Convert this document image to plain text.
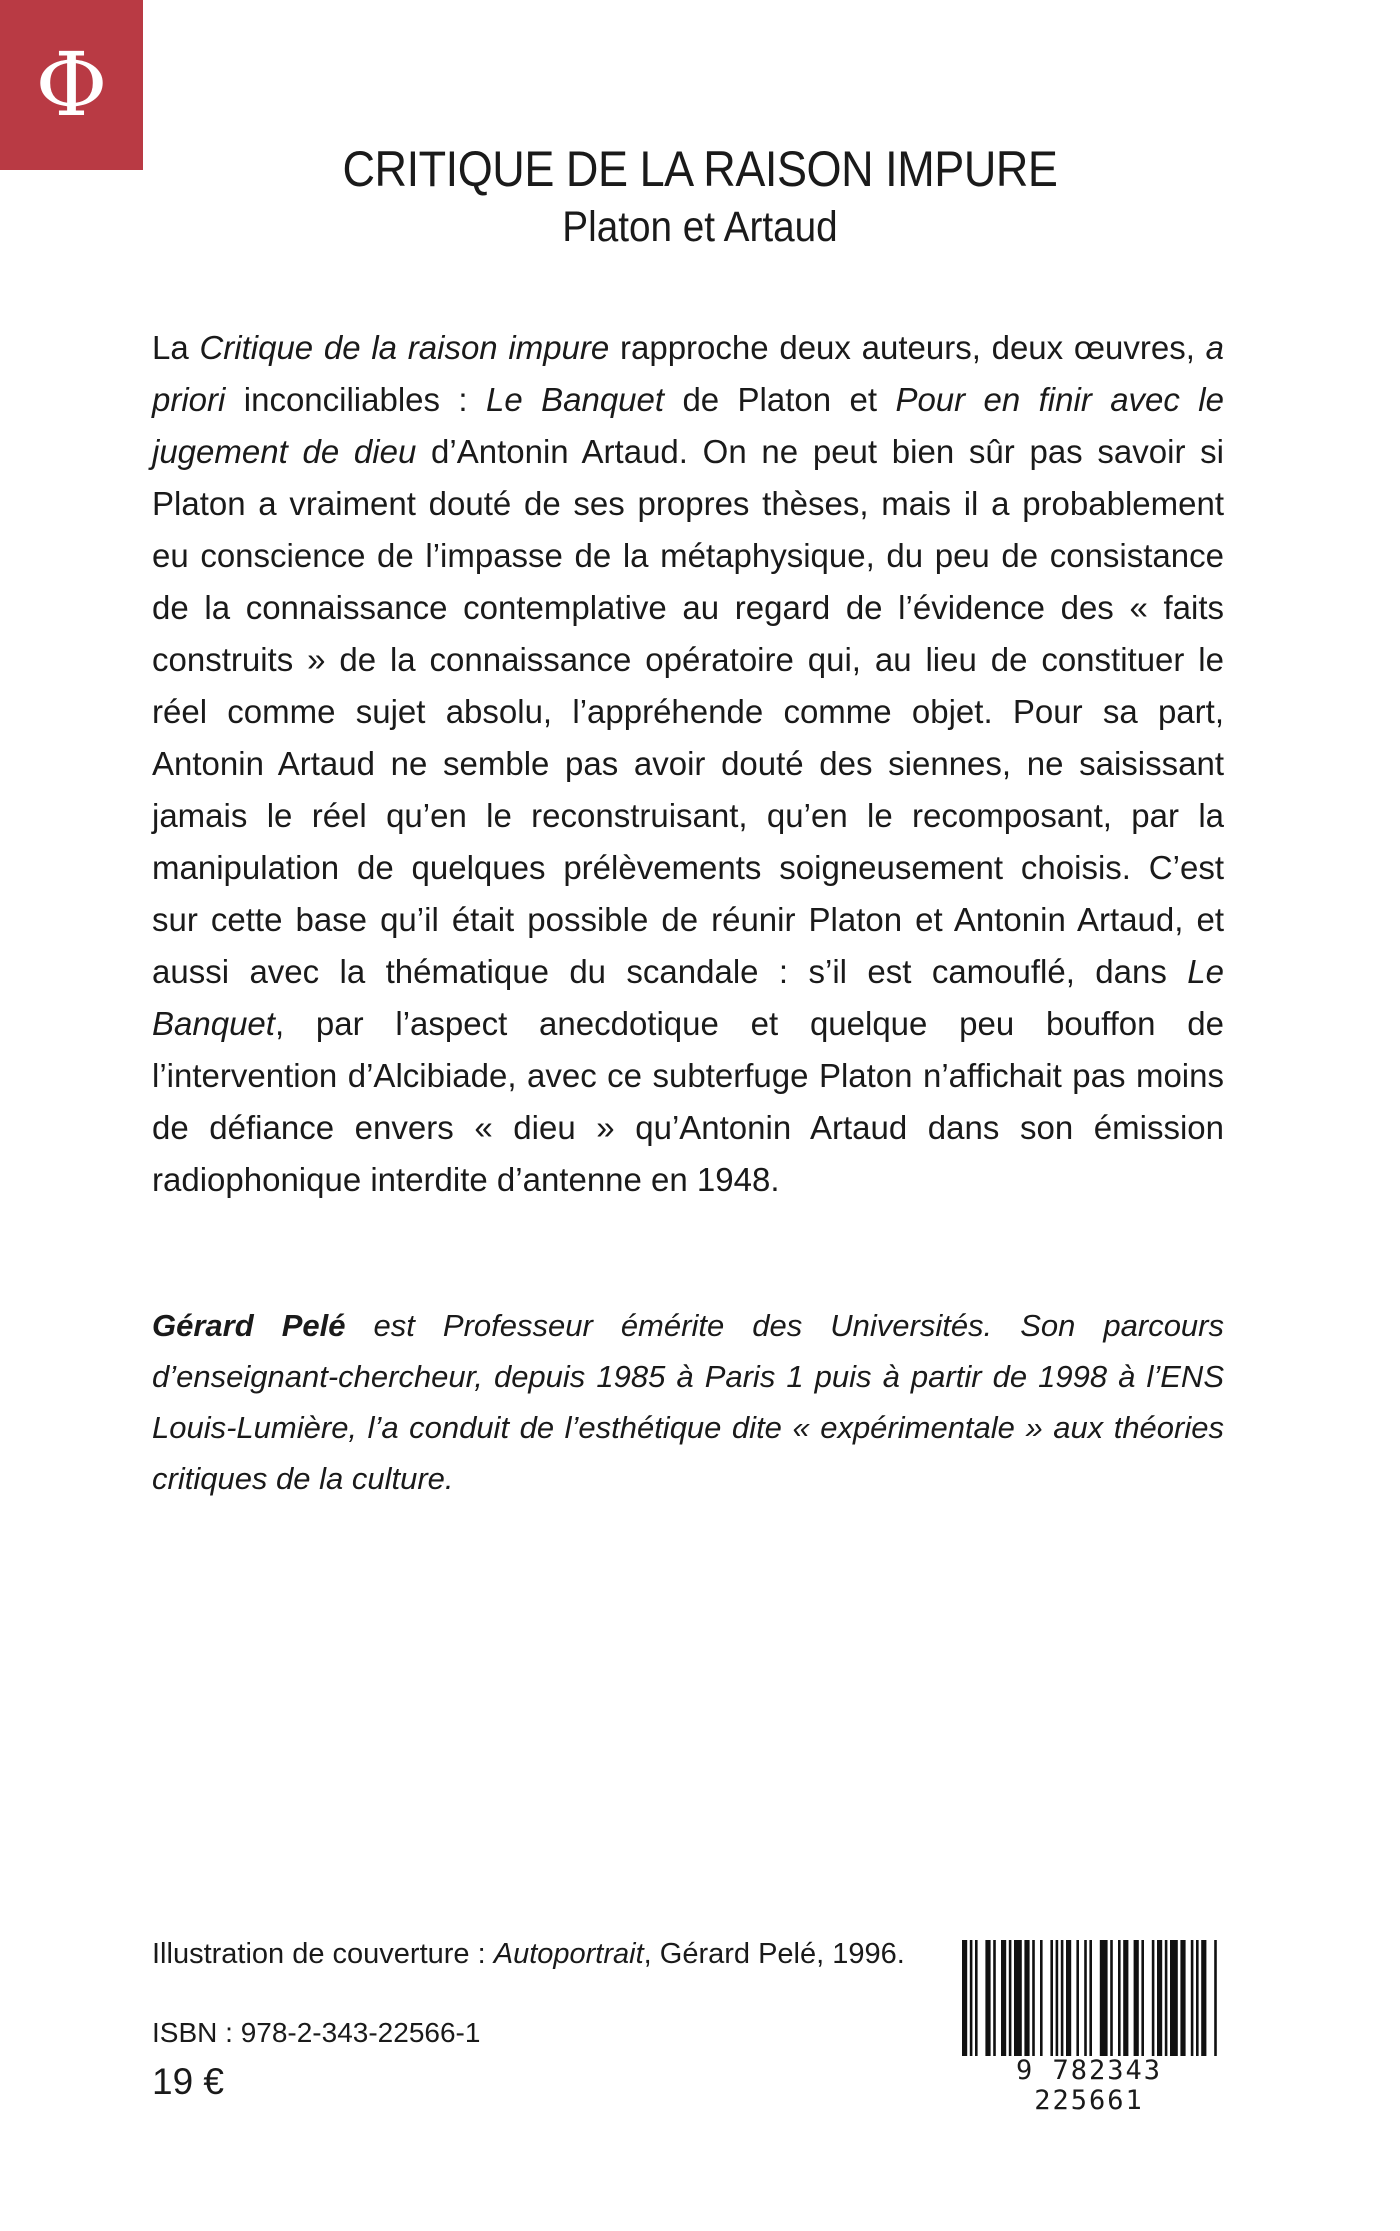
Φ
CRITIQUE DE LA RAISON IMPURE
Platon et Artaud

La Critique de la raison impure rapproche deux auteurs, deux œuvres, a priori inconciliables : Le Banquet de Platon et Pour en finir avec le jugement de dieu d’Antonin Artaud. On ne peut bien sûr pas savoir si Platon a vraiment douté de ses propres thèses, mais il a probablement eu conscience de l’impasse de la métaphysique, du peu de consistance de la connaissance contemplative au regard de l’évidence des « faits construits » de la connaissance opératoire qui, au lieu de constituer le réel comme sujet absolu, l’appréhende comme objet. Pour sa part, Antonin Artaud ne semble pas avoir douté des siennes, ne saisissant jamais le réel qu’en le reconstruisant, qu’en le recomposant, par la manipulation de quelques prélèvements soigneusement choisis. C’est sur cette base qu’il était possible de réunir Platon et Antonin Artaud, et aussi avec la thématique du scandale : s’il est camouflé, dans Le Banquet, par l’aspect anecdotique et quelque peu bouffon de l’intervention d’Alcibiade, avec ce subterfuge Platon n’affichait pas moins de défiance envers « dieu » qu’Antonin Artaud dans son émission radiophonique interdite d’antenne en 1948.

Gérard Pelé est Professeur émérite des Universités. Son parcours d’enseignant-chercheur, depuis 1985 à Paris 1 puis à partir de 1998 à l’ENS Louis-Lumière, l’a conduit de l’esthétique dite « expérimentale » aux théories critiques de la culture.

Illustration de couverture : Autoportrait, Gérard Pelé, 1996.
ISBN : 978-2-343-22566-1
19 €	9 782343 225661
